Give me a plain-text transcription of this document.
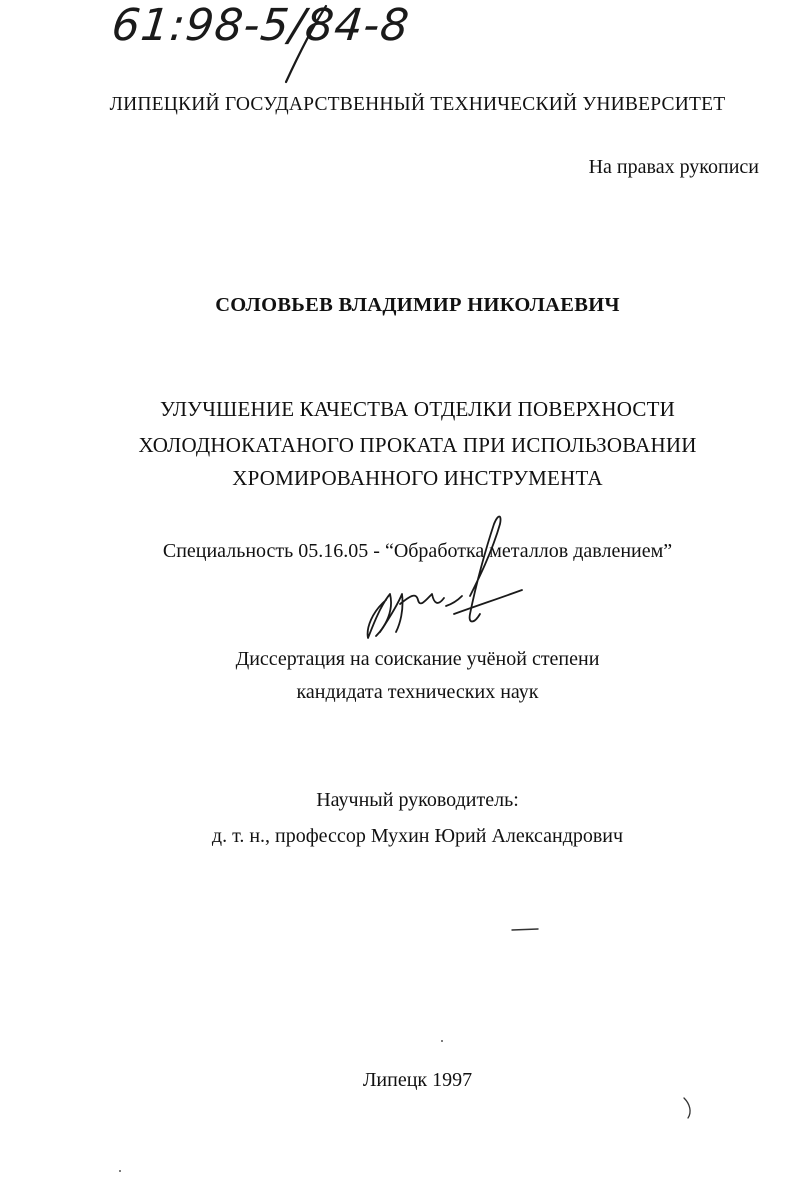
61:98-5/84-8
ЛИПЕЦКИЙ ГОСУДАРСТВЕННЫЙ ТЕХНИЧЕСКИЙ УНИВЕРСИТЕТ
На правах рукописи
СОЛОВЬЕВ ВЛАДИМИР НИКОЛАЕВИЧ
УЛУЧШЕНИЕ КАЧЕСТВА ОТДЕЛКИ ПОВЕРХНОСТИ
ХОЛОДНОКАТАНОГО ПРОКАТА ПРИ ИСПОЛЬЗОВАНИИ
ХРОМИРОВАННОГО ИНСТРУМЕНТА
Специальность 05.16.05 - “Обработка металлов давлением”
Диссертация на соискание учёной степени
кандидата технических наук
Научный руководитель:
д. т. н., профессор Мухин Юрий Александрович
Липецк 1997
